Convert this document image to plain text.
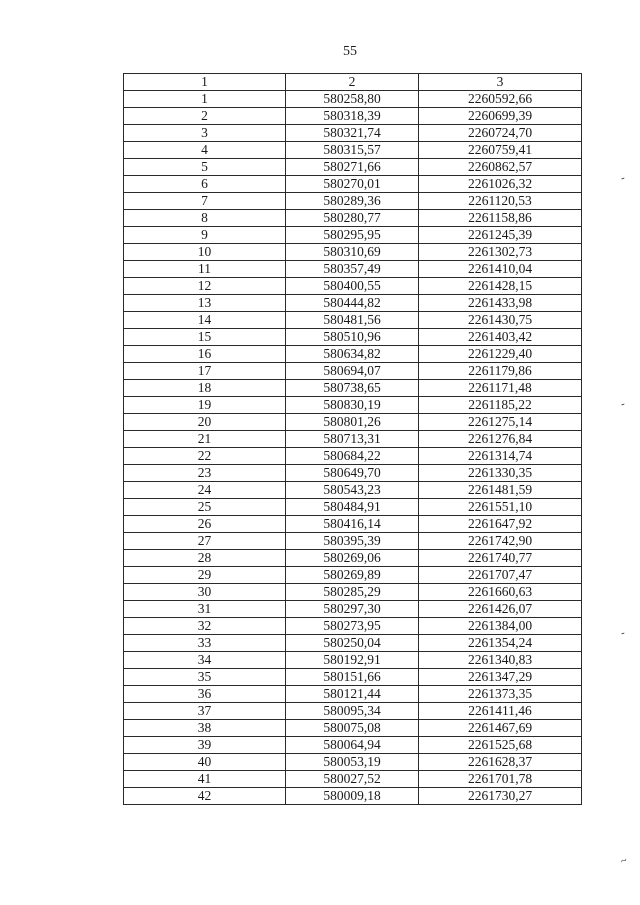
55
1	2	3
1	580258,80	2260592,66
2	580318,39	2260699,39
3	580321,74	2260724,70
4	580315,57	2260759,41
5	580271,66	2260862,57
6	580270,01	2261026,32
7	580289,36	2261120,53
8	580280,77	2261158,86
9	580295,95	2261245,39
10	580310,69	2261302,73
11	580357,49	2261410,04
12	580400,55	2261428,15
13	580444,82	2261433,98
14	580481,56	2261430,75
15	580510,96	2261403,42
16	580634,82	2261229,40
17	580694,07	2261179,86
18	580738,65	2261171,48
19	580830,19	2261185,22
20	580801,26	2261275,14
21	580713,31	2261276,84
22	580684,22	2261314,74
23	580649,70	2261330,35
24	580543,23	2261481,59
25	580484,91	2261551,10
26	580416,14	2261647,92
27	580395,39	2261742,90
28	580269,06	2261740,77
29	580269,89	2261707,47
30	580285,29	2261660,63
31	580297,30	2261426,07
32	580273,95	2261384,00
33	580250,04	2261354,24
34	580192,91	2261340,83
35	580151,66	2261347,29
36	580121,44	2261373,35
37	580095,34	2261411,46
38	580075,08	2261467,69
39	580064,94	2261525,68
40	580053,19	2261628,37
41	580027,52	2261701,78
42	580009,18	2261730,27
-
-
-
~
